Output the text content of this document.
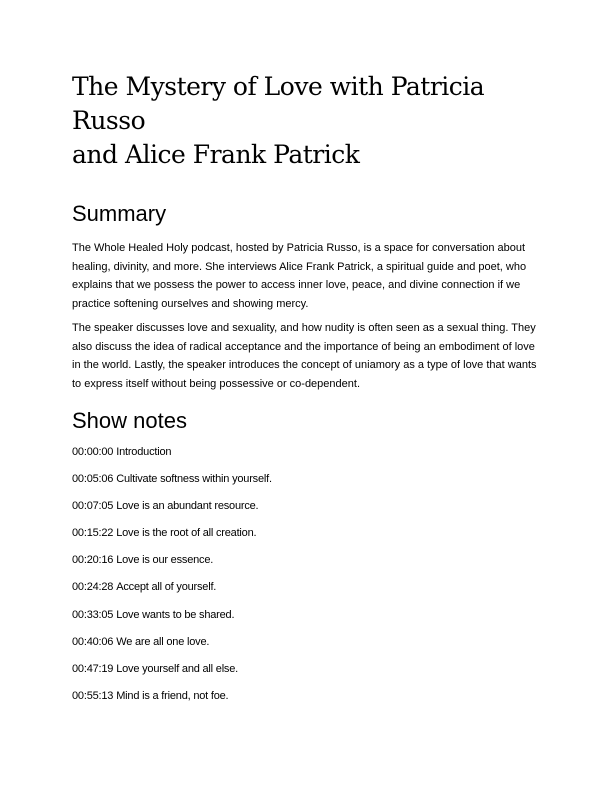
The Mystery of Love with Patricia Russo
and Alice Frank Patrick
Summary

The Whole Healed Holy podcast, hosted by Patricia Russo, is a space for conversation about healing, divinity, and more. She interviews Alice Frank Patrick, a spiritual guide and poet, who explains that we possess the power to access inner love, peace, and divine connection if we practice softening ourselves and showing mercy.

The speaker discusses love and sexuality, and how nudity is often seen as a sexual thing. They also discuss the idea of radical acceptance and the importance of being an embodiment of love in the world. Lastly, the speaker introduces the concept of uniamory as a type of love that wants to express itself without being possessive or co-dependent.

Show notes
00:00:00 Introduction
00:05:06 Cultivate softness within yourself.
00:07:05 Love is an abundant resource.
00:15:22 Love is the root of all creation.
00:20:16 Love is our essence.
00:24:28 Accept all of yourself.
00:33:05 Love wants to be shared.
00:40:06 We are all one love.
00:47:19 Love yourself and all else.
00:55:13 Mind is a friend, not foe.
